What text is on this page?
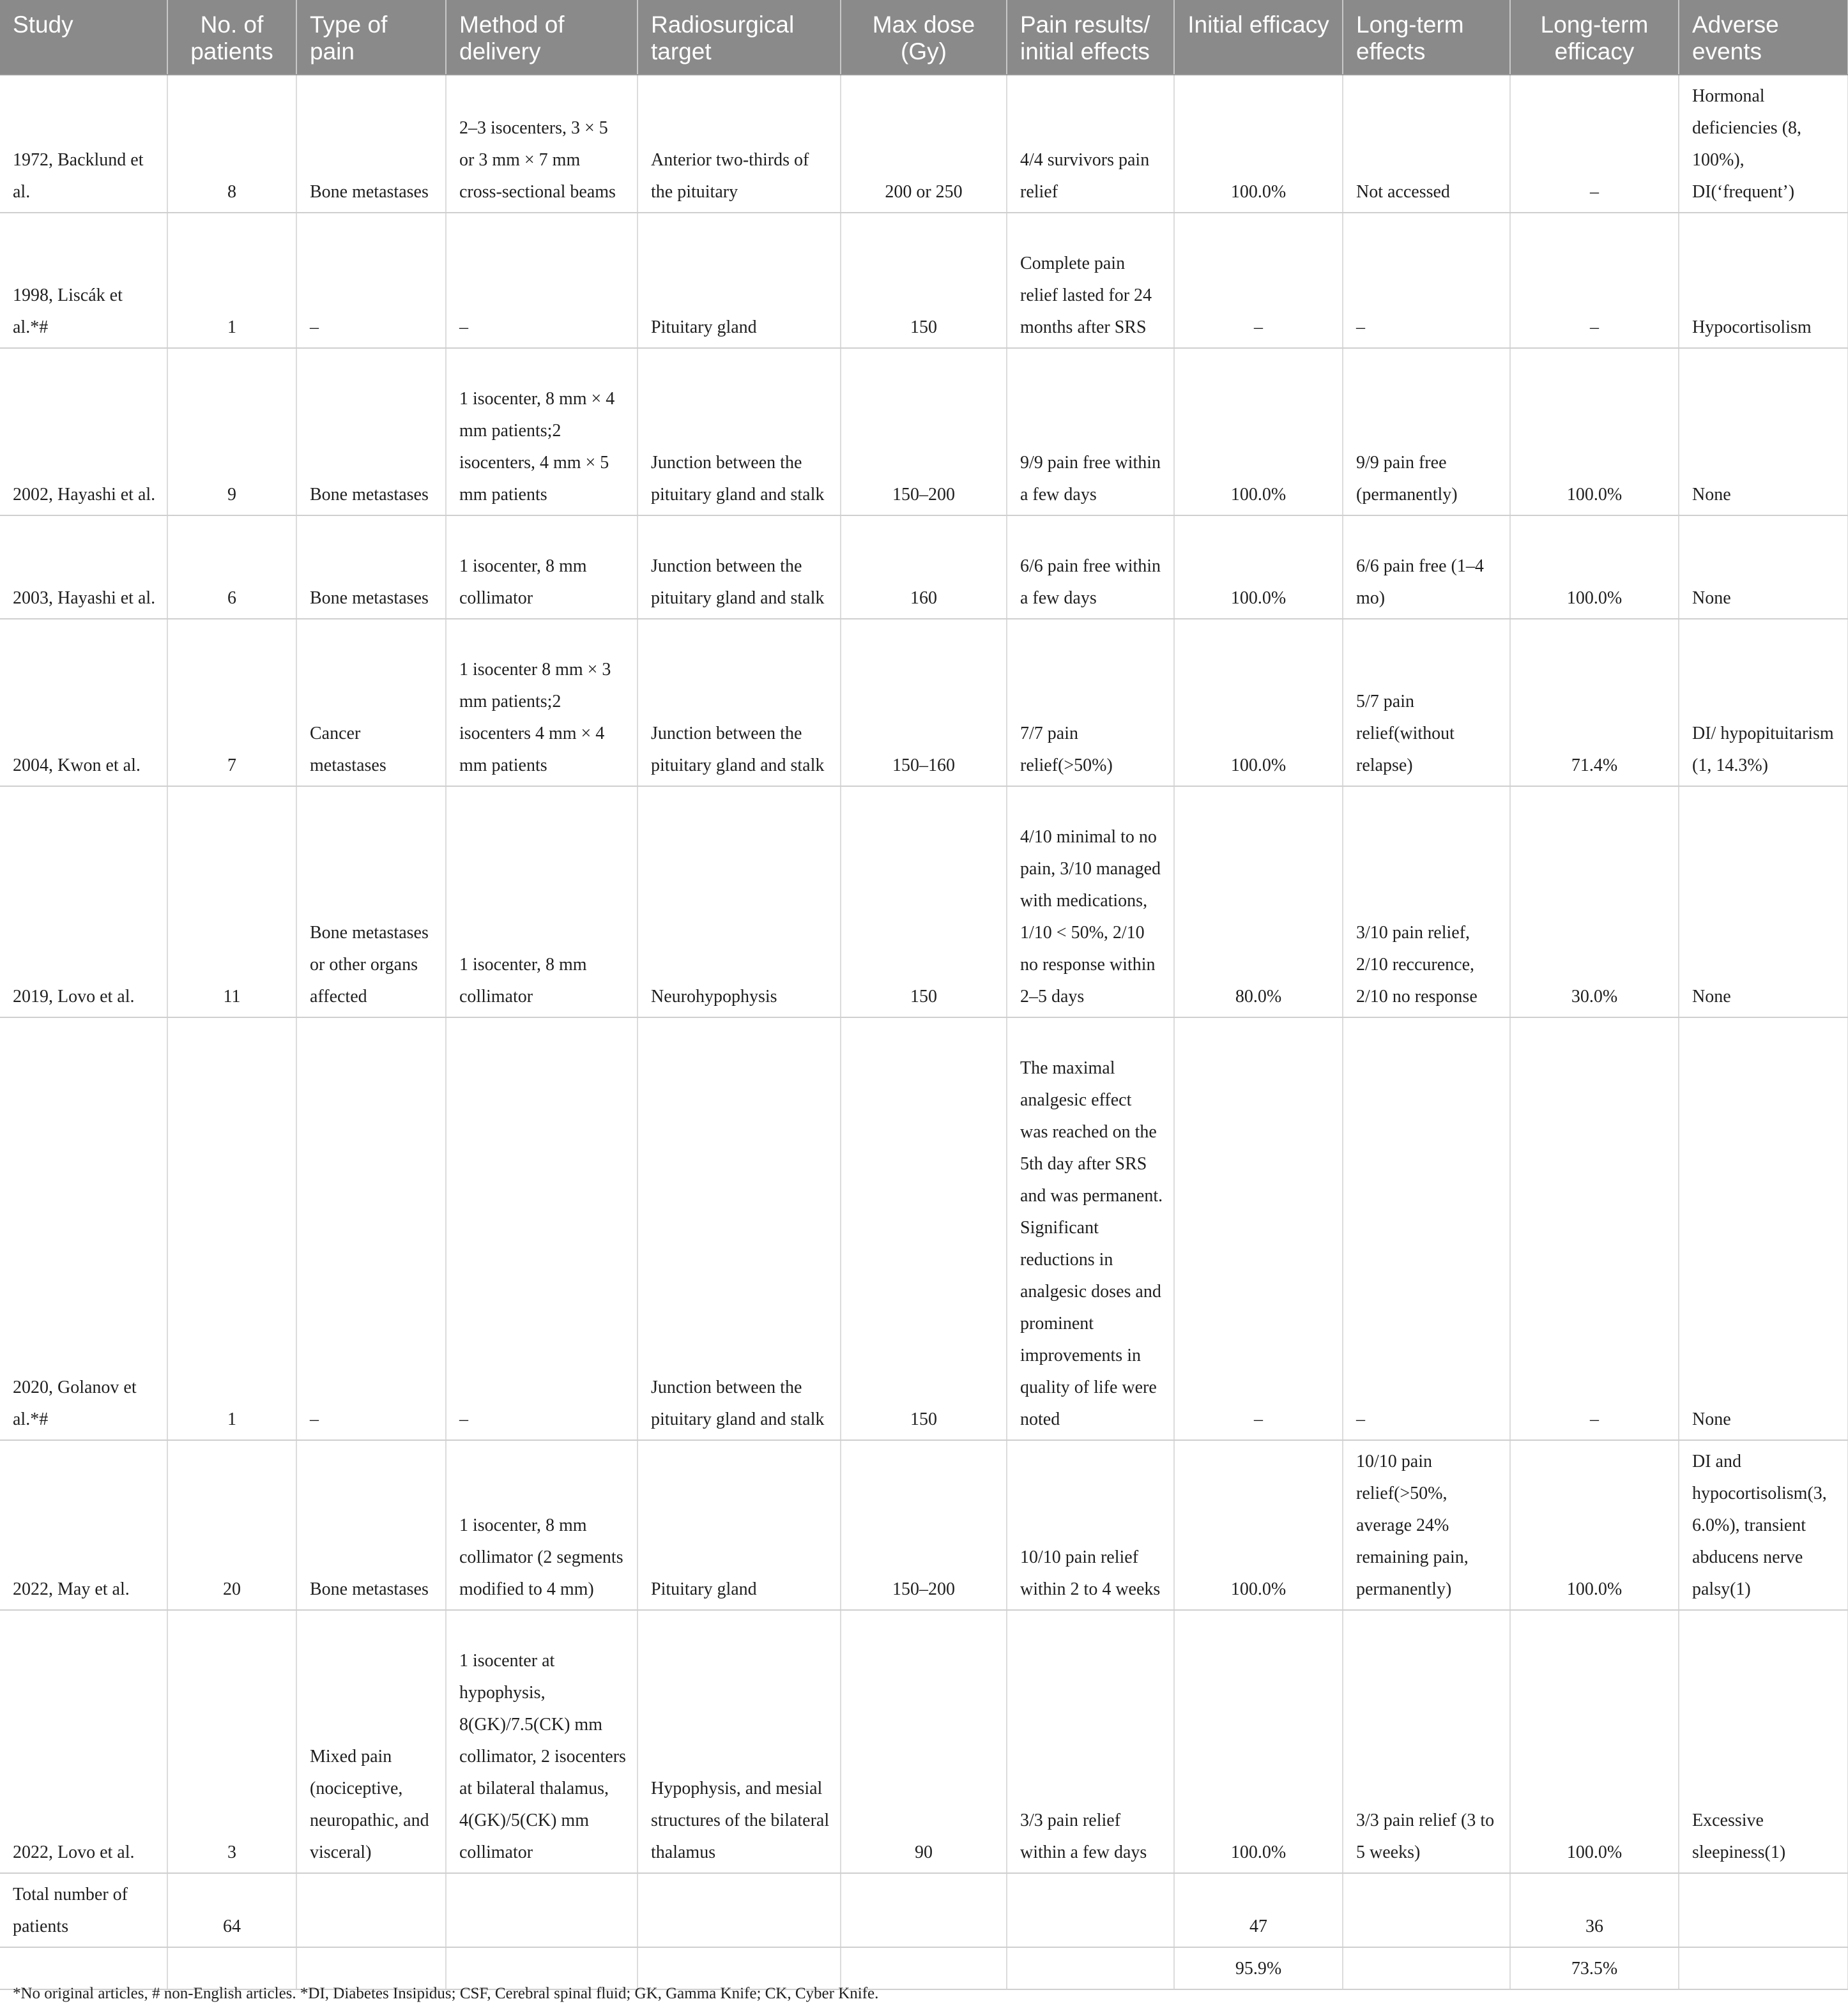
Study	No. of patients	Type of pain	Method of delivery	Radiosurgical target	Max dose (Gy)	Pain results/ initial effects	Initial efficacy	Long-term effects	Long-term efficacy	Adverse events
1972, Backlund et al.	8	Bone metastases	2–3 isocenters, 3 × 5 or 3 mm × 7 mm cross-sectional beams	Anterior two-thirds of the pituitary	200 or 250	4/4 survivors pain relief	100.0%	Not accessed	–	Hormonal deficiencies (8, 100%), DI(‘frequent’)
1998, Liscák et al.*#	1	–	–	Pituitary gland	150	Complete pain relief lasted for 24 months after SRS	–	–	–	Hypocortisolism
2002, Hayashi et al.	9	Bone metastases	1 isocenter, 8 mm × 4 mm patients;2 isocenters, 4 mm × 5 mm patients	Junction between the pituitary gland and stalk	150–200	9/9 pain free within a few days	100.0%	9/9 pain free (permanently)	100.0%	None
2003, Hayashi et al.	6	Bone metastases	1 isocenter, 8 mm collimator	Junction between the pituitary gland and stalk	160	6/6 pain free within a few days	100.0%	6/6 pain free (1–4 mo)	100.0%	None
2004, Kwon et al.	7	Cancer metastases	1 isocenter 8 mm × 3 mm patients;2 isocenters 4 mm × 4 mm patients	Junction between the pituitary gland and stalk	150–160	7/7 pain relief(>50%)	100.0%	5/7 pain relief(without relapse)	71.4%	DI/ hypopituitarism (1, 14.3%)
2019, Lovo et al.	11	Bone metastases or other organs affected	1 isocenter, 8 mm collimator	Neurohypophysis	150	4/10 minimal to no pain, 3/10 managed with medications, 1/10 < 50%, 2/10 no response within 2–5 days	80.0%	3/10 pain relief, 2/10 reccurence, 2/10 no response	30.0%	None
2020, Golanov et al.*#	1	–	–	Junction between the pituitary gland and stalk	150	The maximal analgesic effect was reached on the 5th day after SRS and was permanent. Significant reductions in analgesic doses and prominent improvements in quality of life were noted	–	–	–	None
2022, May et al.	20	Bone metastases	1 isocenter, 8 mm collimator (2 segments modified to 4 mm)	Pituitary gland	150–200	10/10 pain relief within 2 to 4 weeks	100.0%	10/10 pain relief(>50%, average 24% remaining pain, permanently)	100.0%	DI and hypocortisolism(3, 6.0%), transient abducens nerve palsy(1)
2022, Lovo et al.	3	Mixed pain (nociceptive, neuropathic, and visceral)	1 isocenter at hypophysis, 8(GK)/7.5(CK) mm collimator, 2 isocenters at bilateral thalamus, 4(GK)/5(CK) mm collimator	Hypophysis, and mesial structures of the bilateral thalamus	90	3/3 pain relief within a few days	100.0%	3/3 pain relief (3 to 5 weeks)	100.0%	Excessive sleepiness(1)
Total number of patients	64						47		36	
							95.9%		73.5%	
*No original articles, # non-English articles. *DI, Diabetes Insipidus; CSF, Cerebral spinal fluid; GK, Gamma Knife; CK, Cyber Knife.
